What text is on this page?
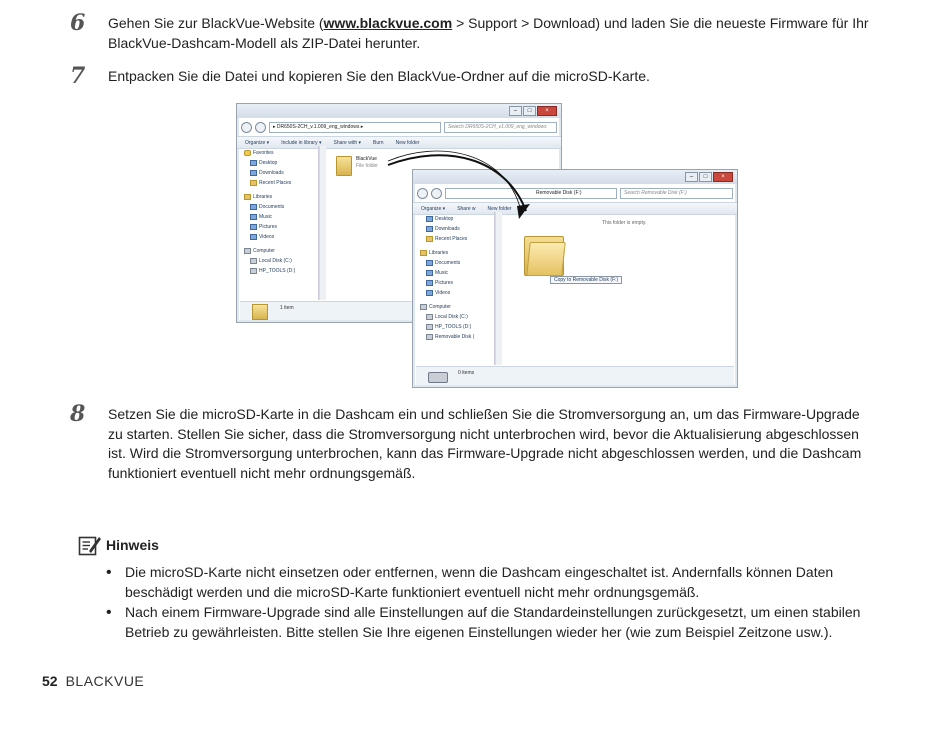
6 Gehen Sie zur BlackVue-Website (www.blackvue.com > Support > Download) und laden Sie die neueste Firmware für Ihr BlackVue-Dashcam-Modell als ZIP-Datei herunter.
7 Entpacken Sie die Datei und kopieren Sie den BlackVue-Ordner auf die microSD-Karte.
–	□	×
▸ DR650S-2CH_v.1.009_eng_windows ▸	Search DR650S-2CH_v1.009_eng_windows
Organize ▾ Include in library ▾ Share with ▾ Burn New folder
Favorites
Desktop
Downloads
Recent Places
Libraries
Documents
Music
Pictures
Videos
Computer
Local Disk (C:)
HP_TOOLS (D:)
BlackVue
File folder
1 item
–	□	×
Removable Disk (F:)	Search Removable Disk (F:)
Organize ▾ Share w New folder
Desktop
Downloads
Recent Places
Libraries
Documents
Music
Pictures
Videos
Computer
Local Disk (C:)
HP_TOOLS (D:)
Removable Disk (
This folder is empty.
Copy to Removable Disk (F:)
0 items
8 Setzen Sie die microSD-Karte in die Dashcam ein und schließen Sie die Stromversorgung an, um das Firmware-Upgrade zu starten. Stellen Sie sicher, dass die Stromversorgung nicht unterbrochen wird, bevor die Aktualisierung abgeschlossen ist. Wird die Stromversorgung unterbrochen, kann das Firmware-Upgrade nicht abgeschlossen werden, und die Dashcam funktioniert eventuell nicht mehr ordnungsgemäß.
Hinweis
• Die microSD-Karte nicht einsetzen oder entfernen, wenn die Dashcam eingeschaltet ist. Andernfalls können Daten beschädigt werden und die microSD-Karte funktioniert eventuell nicht mehr ordnungsgemäß.
• Nach einem Firmware-Upgrade sind alle Einstellungen auf die Standardeinstellungen zurückgesetzt, um einen stabilen Betrieb zu gewährleisten. Bitte stellen Sie Ihre eigenen Einstellungen wieder her (wie zum Beispiel Zeitzone usw.).
52 BLACKVUE
